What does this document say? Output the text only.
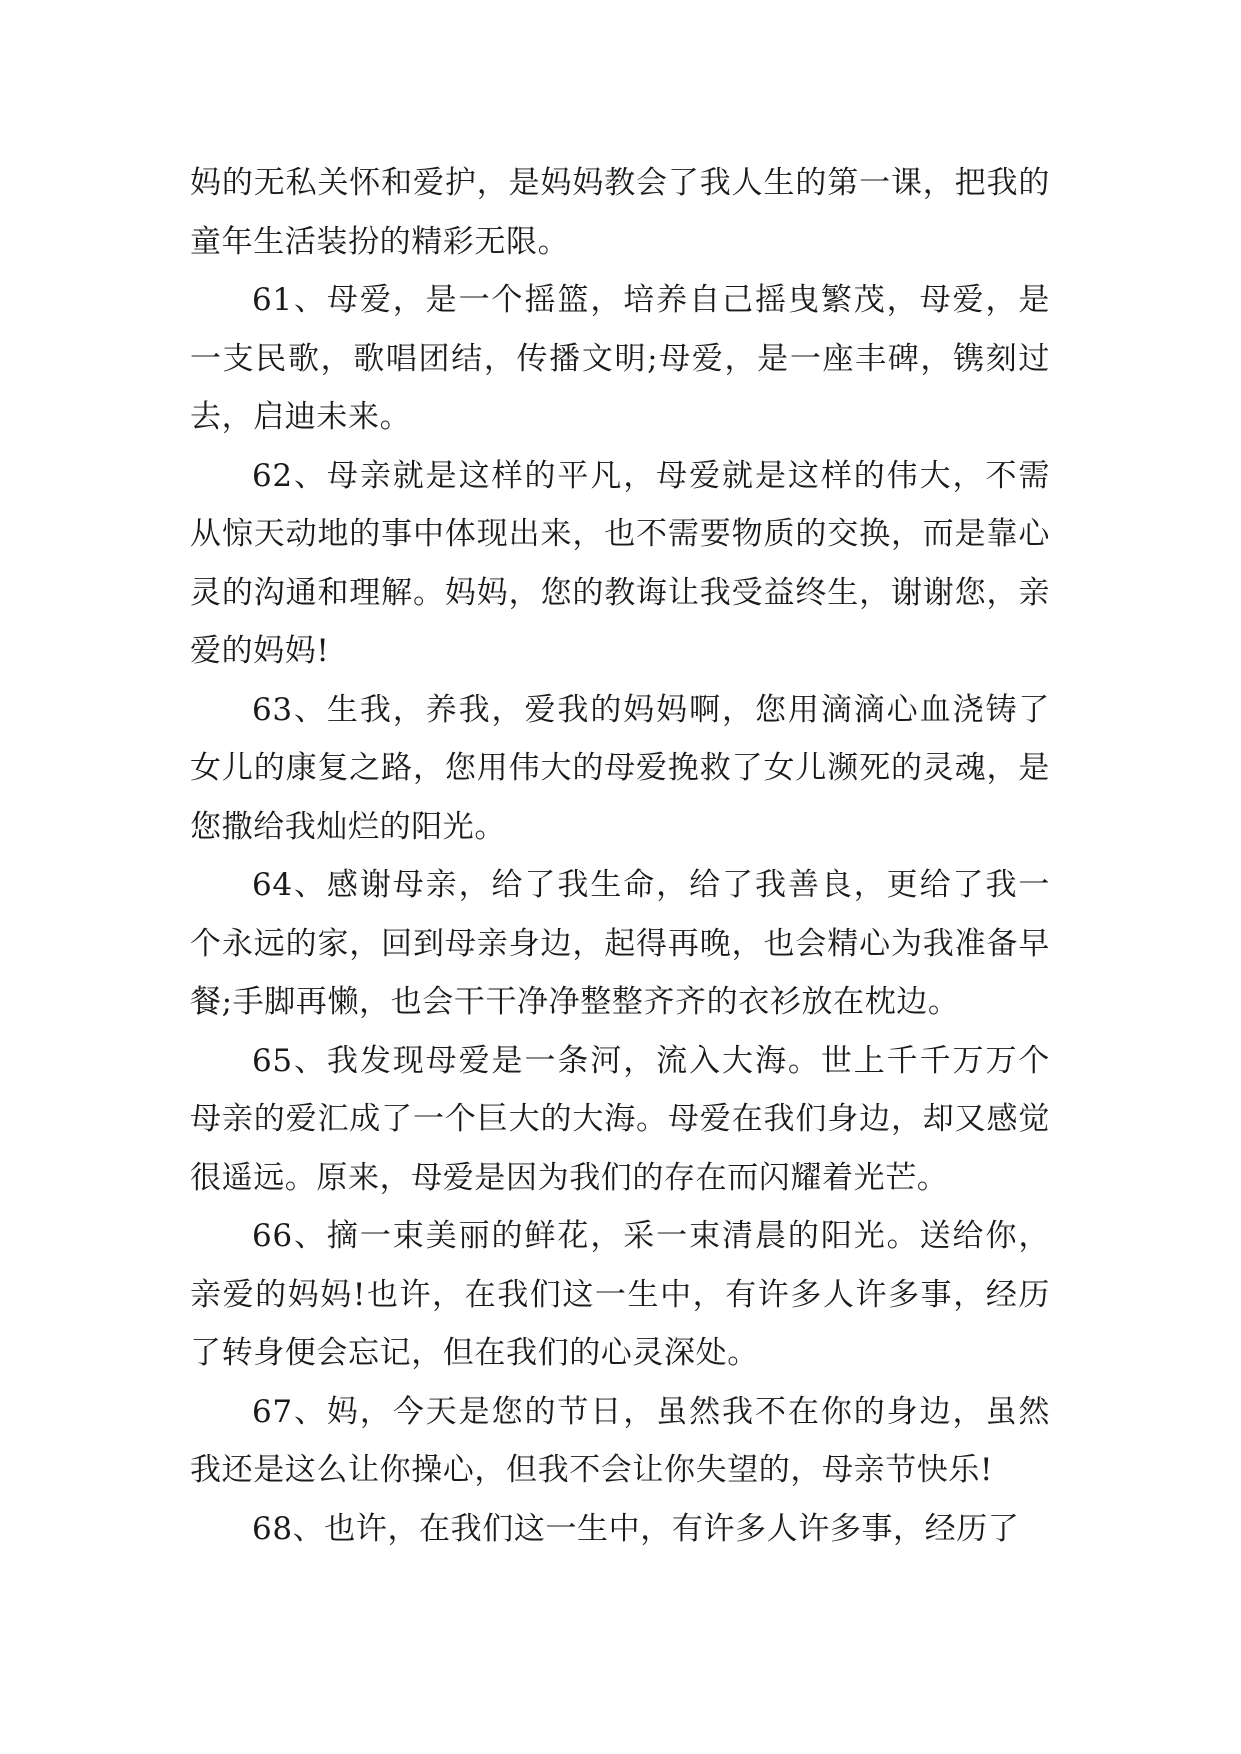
妈的无私关怀和爱护，是妈妈教会了我人生的第一课，把我的童年生活装扮的精彩无限。

61、母爱，是一个摇篮，培养自己摇曳繁茂，母爱，是一支民歌，歌唱团结，传播文明;母爱，是一座丰碑，镌刻过去，启迪未来。

62、母亲就是这样的平凡，母爱就是这样的伟大，不需从惊天动地的事中体现出来，也不需要物质的交换，而是靠心灵的沟通和理解。妈妈，您的教诲让我受益终生，谢谢您，亲爱的妈妈!

63、生我，养我，爱我的妈妈啊，您用滴滴心血浇铸了女儿的康复之路，您用伟大的母爱挽救了女儿濒死的灵魂，是您撒给我灿烂的阳光。

64、感谢母亲，给了我生命，给了我善良，更给了我一个永远的家，回到母亲身边，起得再晚，也会精心为我准备早餐;手脚再懒，也会干干净净整整齐齐的衣衫放在枕边。

65、我发现母爱是一条河，流入大海。世上千千万万个母亲的爱汇成了一个巨大的大海。母爱在我们身边，却又感觉很遥远。原来，母爱是因为我们的存在而闪耀着光芒。

66、摘一束美丽的鲜花，采一束清晨的阳光。送给你，亲爱的妈妈!也许，在我们这一生中，有许多人许多事，经历了转身便会忘记，但在我们的心灵深处。

67、妈，今天是您的节日，虽然我不在你的身边，虽然我还是这么让你操心，但我不会让你失望的，母亲节快乐!

68、也许，在我们这一生中，有许多人许多事，经历了
